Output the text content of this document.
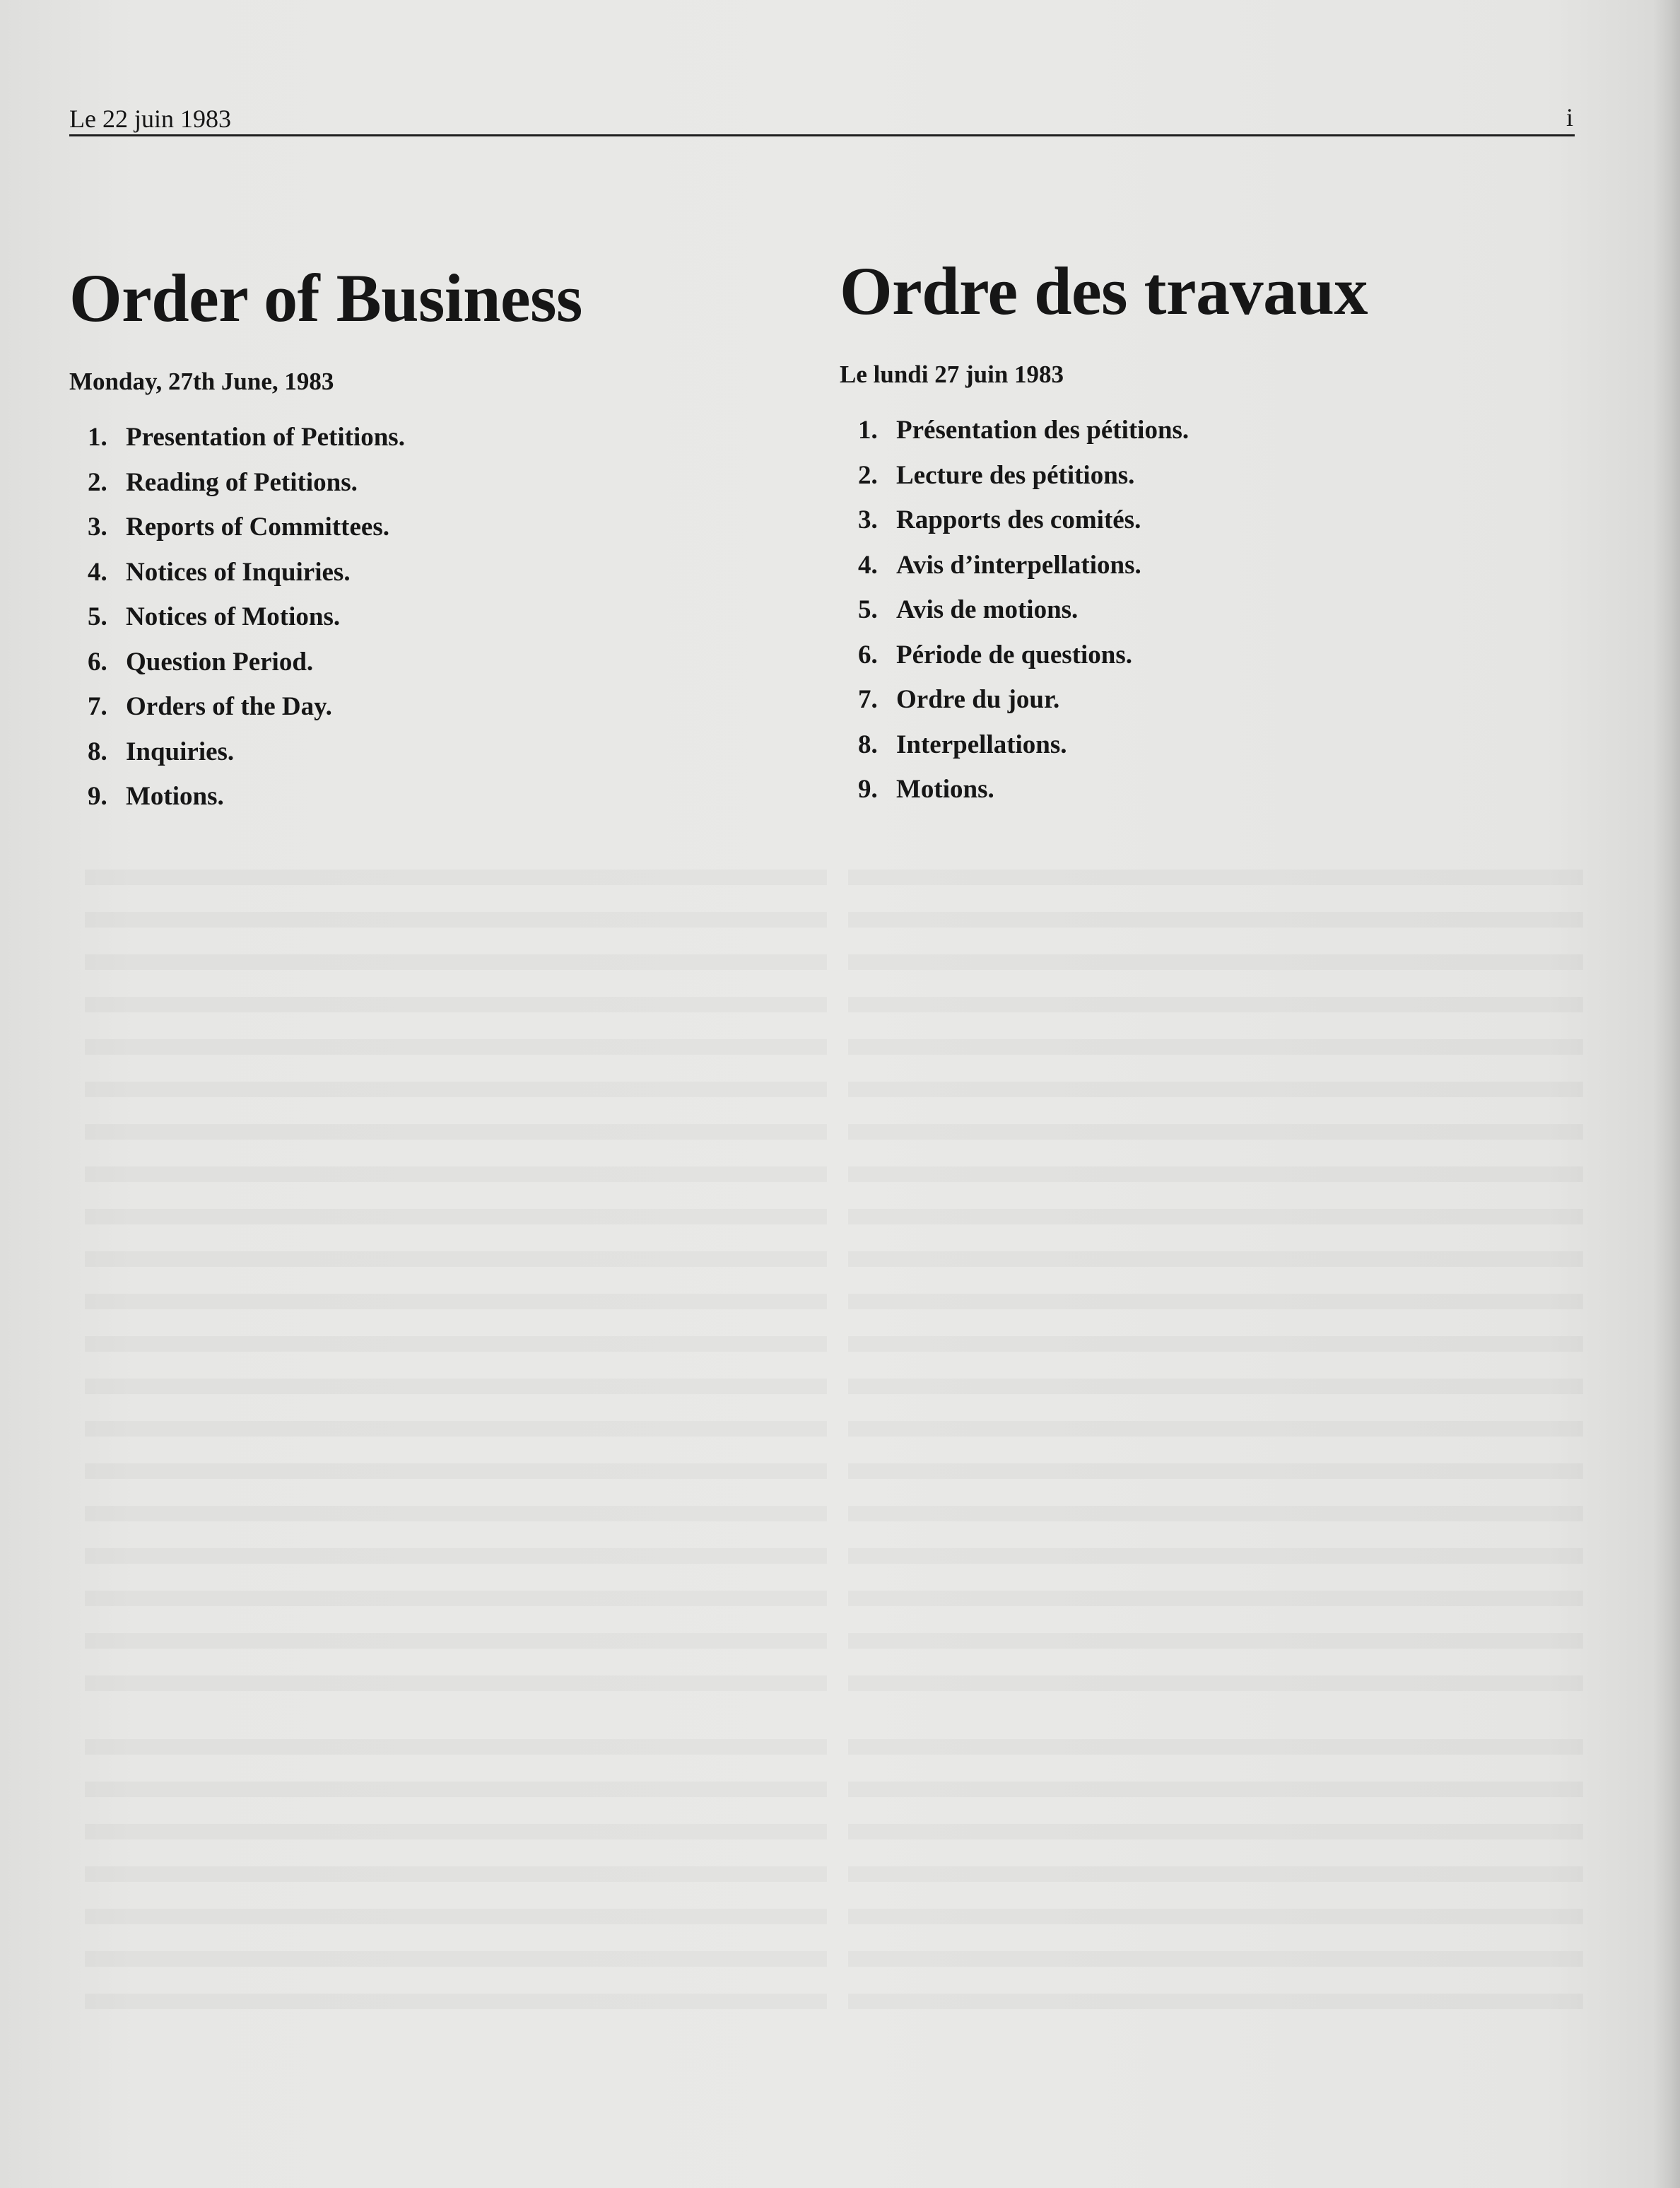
Le 22 juin 1983	i
Order of Business
Monday, 27th June, 1983
1. Presentation of Petitions.
2. Reading of Petitions.
3. Reports of Committees.
4. Notices of Inquiries.
5. Notices of Motions.
6. Question Period.
7. Orders of the Day.
8. Inquiries.
9. Motions.
Ordre des travaux
Le lundi 27 juin 1983
1. Présentation des pétitions.
2. Lecture des pétitions.
3. Rapports des comités.
4. Avis d’interpellations.
5. Avis de motions.
6. Période de questions.
7. Ordre du jour.
8. Interpellations.
9. Motions.
